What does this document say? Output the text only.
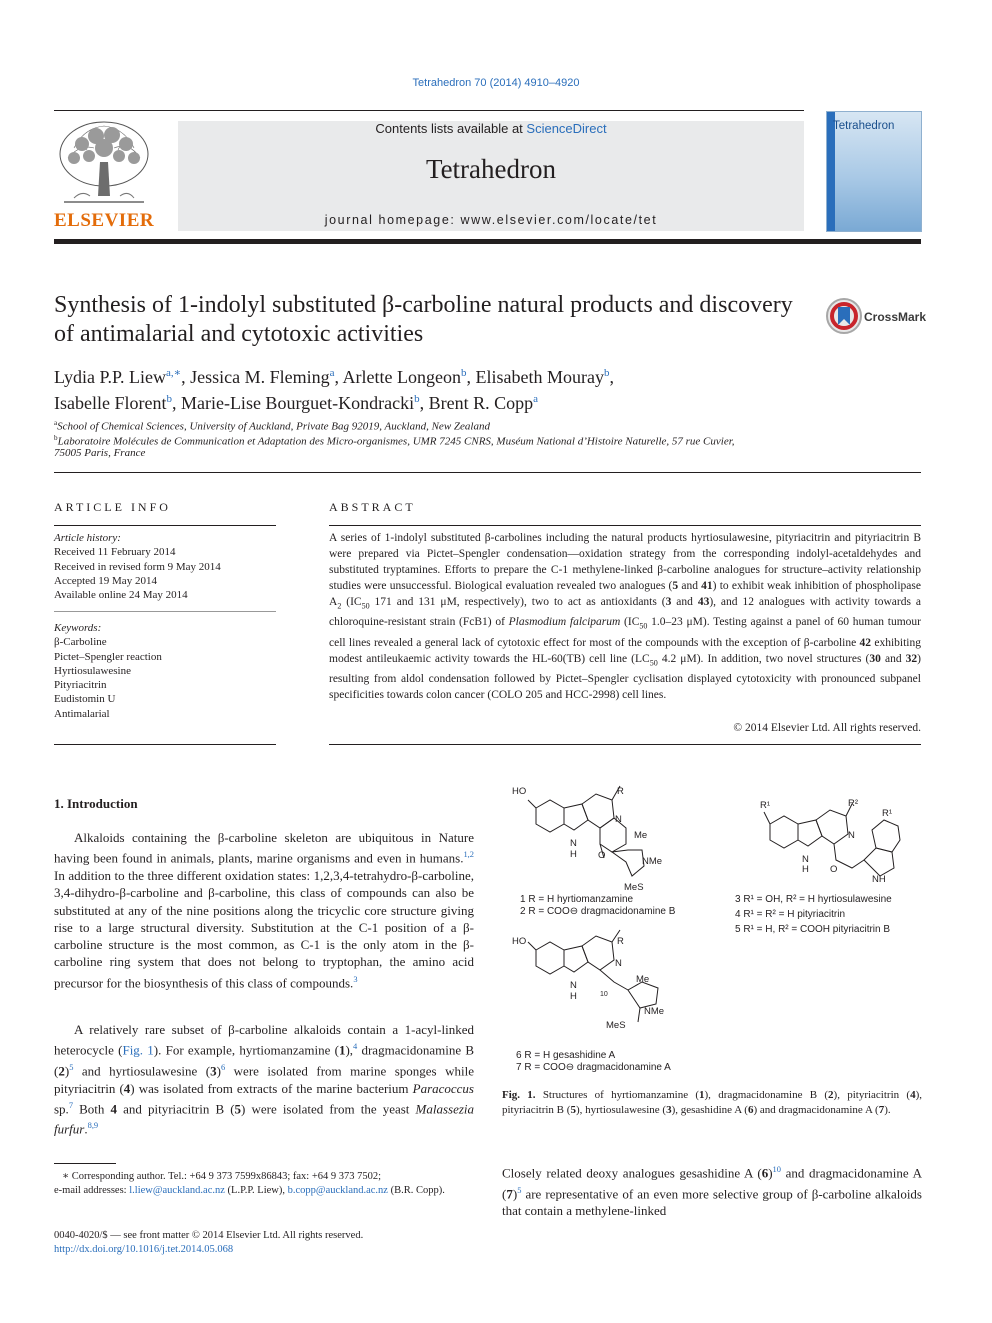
Tetrahedron 70 (2014) 4910–4920
ELSEVIER
Contents lists available at ScienceDirect
Tetrahedron
journal homepage: www.elsevier.com/locate/tet
Tetrahedron
Synthesis of 1-indolyl substituted β-carboline natural products and discovery of antimalarial and cytotoxic activities
CrossMark
Lydia P.P. Liew$^{a,∗}$, Jessica M. Fleming$^a$, Arlette Longeon$^b$, Elisabeth Mouray$^b$,
Isabelle Florent$^b$, Marie-Lise Bourguet-Kondracki$^b$, Brent R. Copp$^a$
$^a$School of Chemical Sciences, University of Auckland, Private Bag 92019, Auckland, New Zealand
$^b$Laboratoire Molécules de Communication et Adaptation des Micro-organismes, UMR 7245 CNRS, Muséum National d’Histoire Naturelle, 57 rue Cuvier,
75005 Paris, France
ARTICLE INFO
Article history:
Received 11 February 2014
Received in revised form 9 May 2014
Accepted 19 May 2014
Available online 24 May 2014
Keywords:
β-Carboline
Pictet–Spengler reaction
Hyrtiosulawesine
Pityriacitrin
Eudistomin U
Antimalarial
ABSTRACT
A series of 1-indolyl substituted β-carbolines including the natural products hyrtiosulawesine, pityriacitrin and pityriacitrin B were prepared via Pictet–Spengler condensation—oxidation strategy from the corresponding indolyl-acetaldehydes and substituted tryptamines. Efforts to prepare the C-1 methylene-linked β-carboline analogues for structure–activity relationship studies were unsuccessful. Biological evaluation revealed two analogues (5 and 41) to exhibit weak inhibition of phospholipase $A_2$ ($IC_{50}$ 171 and 131 μM, respectively), two to act as antioxidants (3 and 43), and 12 analogues with activity towards a chloroquine-resistant strain (FcB1) of Plasmodium falciparum ($IC_{50}$ 1.0–23 μM). Testing against a panel of 60 human tumour cell lines revealed a general lack of cytotoxic effect for most of the compounds with the exception of β-carboline 42 exhibiting modest antileukaemic activity towards the HL-60(TB) cell line ($LC_{50}$ 4.2 μM). In addition, two novel structures (30 and 32) resulting from aldol condensation followed by Pictet–Spengler cyclisation displayed cytotoxicity with pronounced subpanel specificities towards colon cancer (COLO 205 and HCC-2998) cell lines.
© 2014 Elsevier Ltd. All rights reserved.
1. Introduction
Alkaloids containing the β-carboline skeleton are ubiquitous in Nature having been found in animals, plants, marine organisms and even in humans.$^{1,2}$ In addition to the three different oxidation states: 1,2,3,4-tetrahydro-β-carboline, 3,4-dihydro-β-carboline and β-carboline, this class of compounds can also be substituted at any of the nine positions along the tricyclic core structure giving rise to a large structural diversity. Substitution at the C-1 position of a β-carboline structure is the most common, as C-1 is the only atom in the β-carboline ring system that does not belong to tryptophan, the amino acid precursor for the biosynthesis of this class of compounds.$^3$
A relatively rare subset of β-carboline alkaloids contain a 1-acyl-linked heterocycle (Fig. 1). For example, hyrtiomanzamine (1),$^4$ dragmacidonamine B $(2)^5$ and hyrtiosulawesine $(3)^6$ were isolated from marine sponges while pityriacitrin (4) was isolated from extracts of the marine bacterium Paracoccus sp.$^7$ Both 4 and pityriacitrin B (5) were isolated from the yeast Malassezia furfur.$^{8,9}$
∗ Corresponding author. Tel.: +64 9 373 7599x86843; fax: +64 9 373 7502;
e-mail addresses: l.liew@auckland.ac.nz (L.P.P. Liew), b.copp@auckland.ac.nz (B.R. Copp).
0040-4020/$ — see front matter © 2014 Elsevier Ltd. All rights reserved.
http://dx.doi.org/10.1016/j.tet.2014.05.068
HO	R
N
N
H
Me
NMe
MeS
O
R¹	R²
R¹
N
N
H
NH
O
HO	R
N
N
H	10
Me
NMe
MeS
1 R = H hyrtiomanzamine
2 R = COO⊖ dragmacidonamine B
3 R¹ = OH, R² = H hyrtiosulawesine
4 R¹ = R² = H pityriacitrin
5 R¹ = H, R² = COOH pityriacitrin B
6 R = H gesashidine A
7 R = COO⊖ dragmacidonamine A
Fig. 1. Structures of hyrtiomanzamine (1), dragmacidonamine B (2), pityriacitrin (4), pityriacitrin B (5), hyrtiosulawesine (3), gesashidine A (6) and dragmacidonamine A (7).
Closely related deoxy analogues gesashidine A $(6)^{10}$ and dragmacidonamine A $(7)^5$ are representative of an even more selective group of β-carboline alkaloids that contain a methylene-linked
